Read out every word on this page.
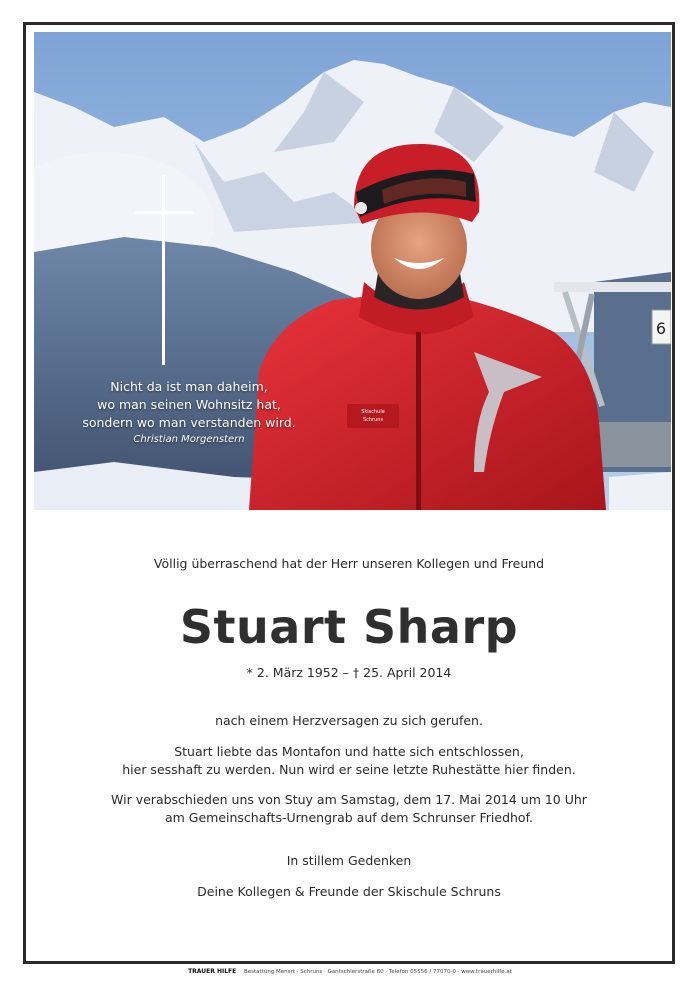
6
Skischule
Schruns
Nicht da ist man daheim,
wo man seinen Wohnsitz hat,
sondern wo man verstanden wird.
Christian Morgenstern
Völlig überraschend hat der Herr unseren Kollegen und Freund
Stuart Sharp
* 2. März 1952 – † 25. April 2014
nach einem Herzversagen zu sich gerufen.
Stuart liebte das Montafon und hatte sich entschlossen,
hier sesshaft zu werden. Nun wird er seine letzte Ruhestätte hier finden.
Wir verabschieden uns von Stuy am Samstag, dem 17. Mai 2014 um 10 Uhr
am Gemeinschafts-Urnengrab auf dem Schrunser Friedhof.
In stillem Gedenken
Deine Kollegen & Freunde der Skischule Schruns
TRAUER HILFE Bestattung Mensrt · Schruns · Gantschierstraße 80 · Telefon 05556 / 77070-0 · www.trauerhilfe.at
